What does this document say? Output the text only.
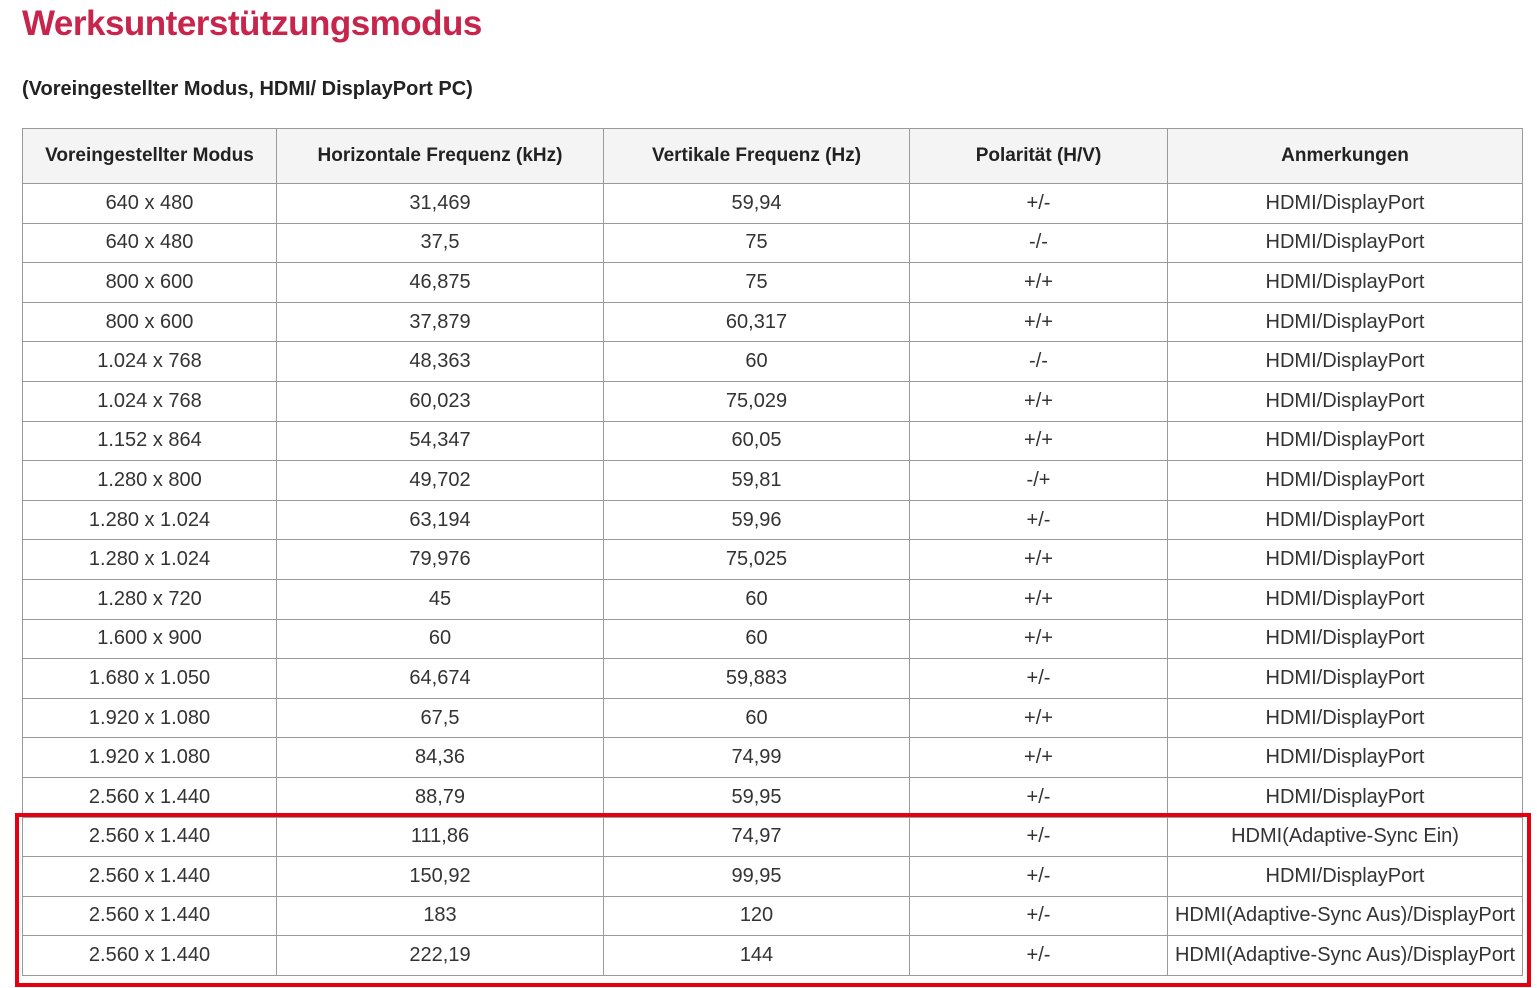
Werksunterstützungsmodus

(Voreingestellter Modus, HDMI/ DisplayPort PC)

Voreingestellter Modus	Horizontale Frequenz (kHz)	Vertikale Frequenz (Hz)	Polarität (H/V)	Anmerkungen
640 x 480	31,469	59,94	+/-	HDMI/DisplayPort
640 x 480	37,5	75	-/-	HDMI/DisplayPort
800 x 600	46,875	75	+/+	HDMI/DisplayPort
800 x 600	37,879	60,317	+/+	HDMI/DisplayPort
1.024 x 768	48,363	60	-/-	HDMI/DisplayPort
1.024 x 768	60,023	75,029	+/+	HDMI/DisplayPort
1.152 x 864	54,347	60,05	+/+	HDMI/DisplayPort
1.280 x 800	49,702	59,81	-/+	HDMI/DisplayPort
1.280 x 1.024	63,194	59,96	+/-	HDMI/DisplayPort
1.280 x 1.024	79,976	75,025	+/+	HDMI/DisplayPort
1.280 x 720	45	60	+/+	HDMI/DisplayPort
1.600 x 900	60	60	+/+	HDMI/DisplayPort
1.680 x 1.050	64,674	59,883	+/-	HDMI/DisplayPort
1.920 x 1.080	67,5	60	+/+	HDMI/DisplayPort
1.920 x 1.080	84,36	74,99	+/+	HDMI/DisplayPort
2.560 x 1.440	88,79	59,95	+/-	HDMI/DisplayPort
2.560 x 1.440	111,86	74,97	+/-	HDMI(Adaptive-Sync Ein)
2.560 x 1.440	150,92	99,95	+/-	HDMI/DisplayPort
2.560 x 1.440	183	120	+/-	HDMI(Adaptive-Sync Aus)/DisplayPort
2.560 x 1.440	222,19	144	+/-	HDMI(Adaptive-Sync Aus)/DisplayPort
